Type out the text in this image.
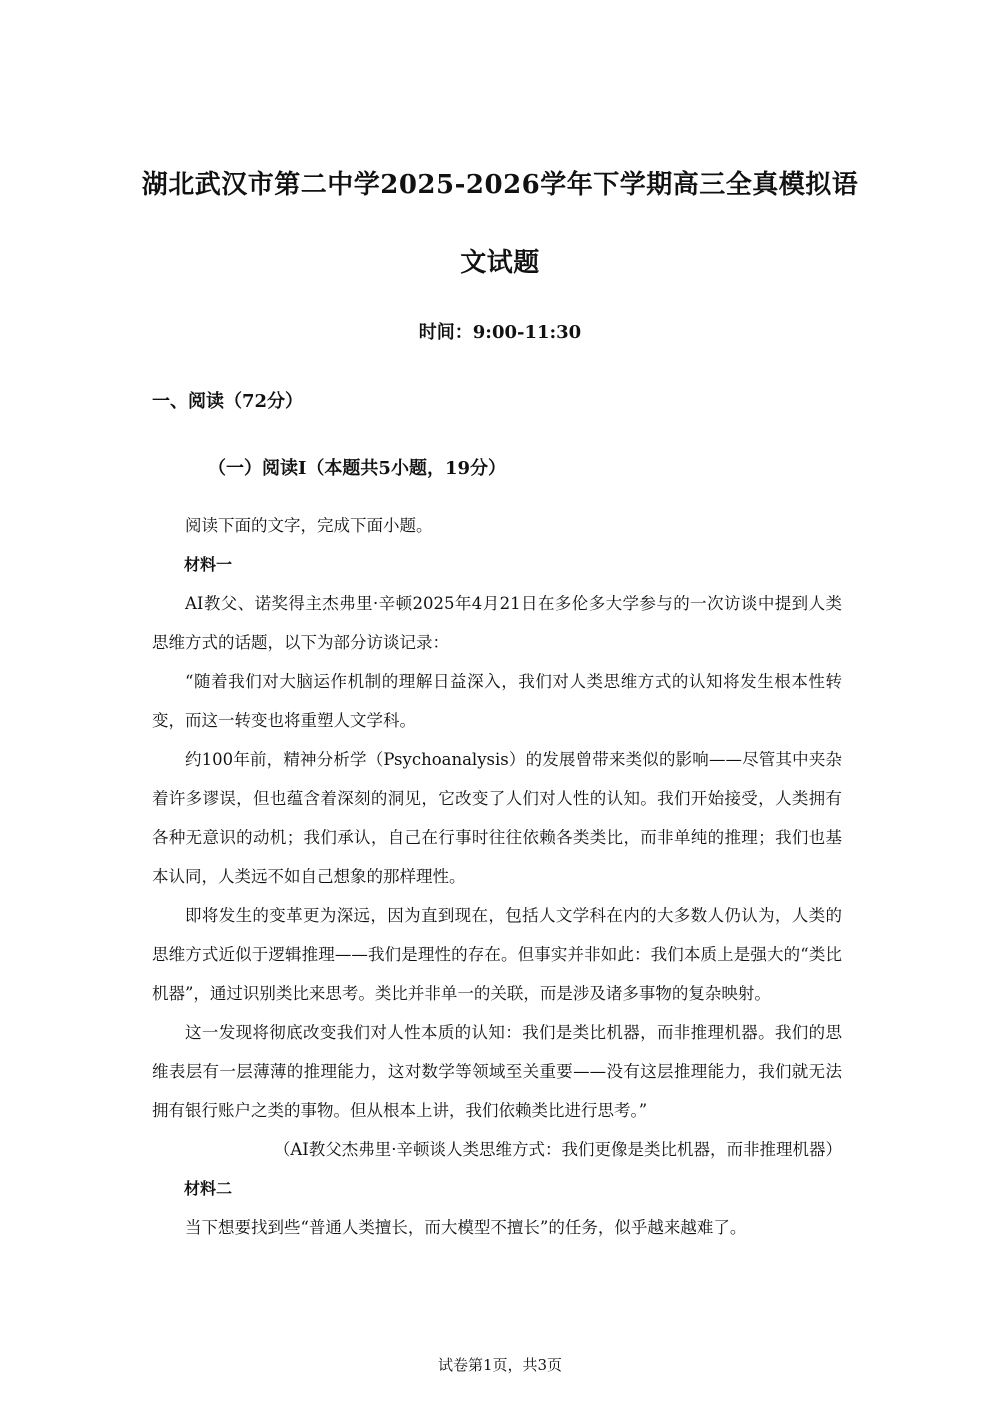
湖北武汉市第二中学2025-2026学年下学期高三全真模拟语
文试题
时间：9:00-11:30
一、阅读（72分）
（一）阅读Ⅰ（本题共5小题，19分）

阅读下面的文字，完成下面小题。

材料一

AI教父、诺奖得主杰弗里·辛顿2025年4月21日在多伦多大学参与的一次访谈中提到人类思维方式的话题，以下为部分访谈记录：

“随着我们对大脑运作机制的理解日益深入，我们对人类思维方式的认知将发生根本性转变，而这一转变也将重塑人文学科。

约100年前，精神分析学（Psychoanalysis）的发展曾带来类似的影响——尽管其中夹杂着许多谬误，但也蕴含着深刻的洞见，它改变了人们对人性的认知。我们开始接受，人类拥有各种无意识的动机；我们承认，自己在行事时往往依赖各类类比，而非单纯的推理；我们也基本认同，人类远不如自己想象的那样理性。

即将发生的变革更为深远，因为直到现在，包括人文学科在内的大多数人仍认为，人类的思维方式近似于逻辑推理——我们是理性的存在。但事实并非如此：我们本质上是强大的“类比机器”，通过识别类比来思考。类比并非单一的关联，而是涉及诸多事物的复杂映射。

这一发现将彻底改变我们对人性本质的认知：我们是类比机器，而非推理机器。我们的思维表层有一层薄薄的推理能力，这对数学等领域至关重要——没有这层推理能力，我们就无法拥有银行账户之类的事物。但从根本上讲，我们依赖类比进行思考。”

（AI教父杰弗里·辛顿谈人类思维方式：我们更像是类比机器，而非推理机器）

材料二

当下想要找到些“普通人类擅长，而大模型不擅长”的任务，似乎越来越难了。

试卷第1页，共3页
